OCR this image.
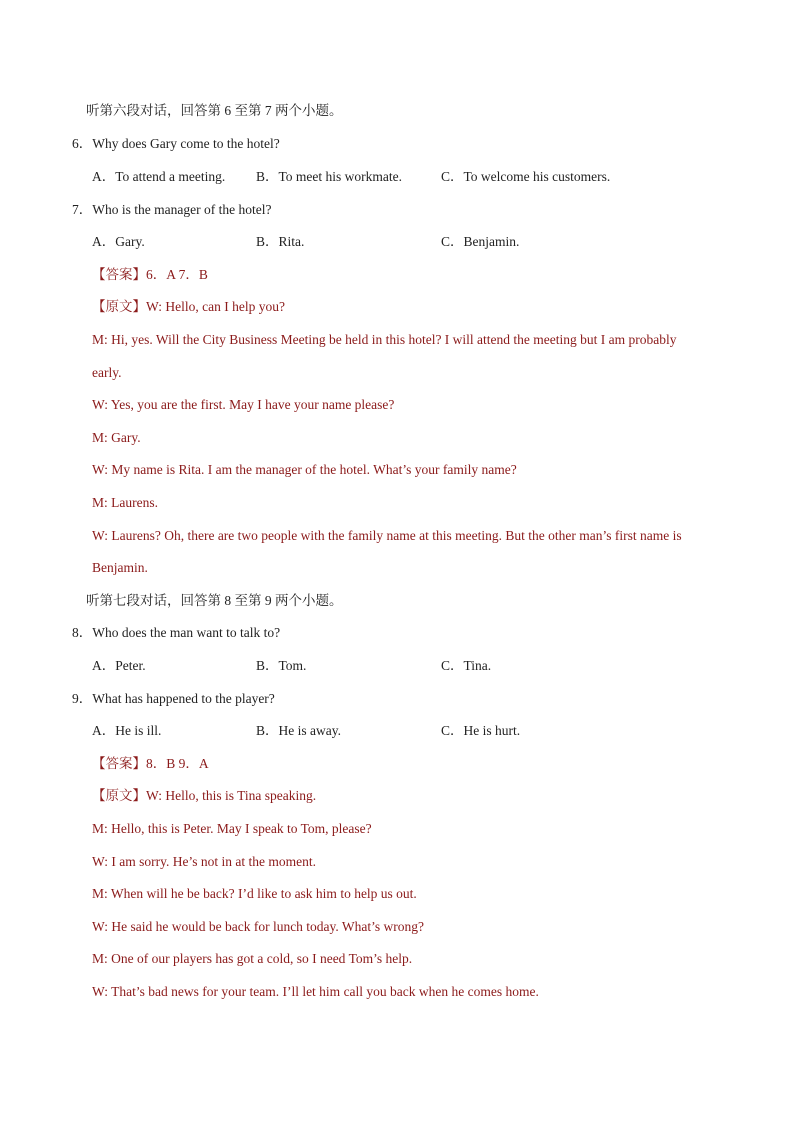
听第六段对话，回答第 6 至第 7 两个小题。
6．Why does Gary come to the hotel?
A．To attend a meeting. B．To meet his workmate.	C．To welcome his customers.
7．Who is the manager of the hotel?
A．Gary.	B．Rita.	C．Benjamin.
【答案】6．A 7．B
【原文】W: Hello, can I help you?
M: Hi, yes. Will the City Business Meeting be held in this hotel? I will attend the meeting but I am probably
early.
W: Yes, you are the first. May I have your name please?
M: Gary.
W: My name is Rita. I am the manager of the hotel. What’s your family name?
M: Laurens.
W: Laurens? Oh, there are two people with the family name at this meeting. But the other man’s first name is
Benjamin.
听第七段对话，回答第 8 至第 9 两个小题。
8．Who does the man want to talk to?
A．Peter.	B．Tom.	C．Tina.
9．What has happened to the player?
A．He is ill.	B．He is away.	C．He is hurt.
【答案】8．B 9．A
【原文】W: Hello, this is Tina speaking.
M: Hello, this is Peter. May I speak to Tom, please?
W: I am sorry. He’s not in at the moment.
M: When will he be back? I’d like to ask him to help us out.
W: He said he would be back for lunch today. What’s wrong?
M: One of our players has got a cold, so I need Tom’s help.
W: That’s bad news for your team. I’ll let him call you back when he comes home.
